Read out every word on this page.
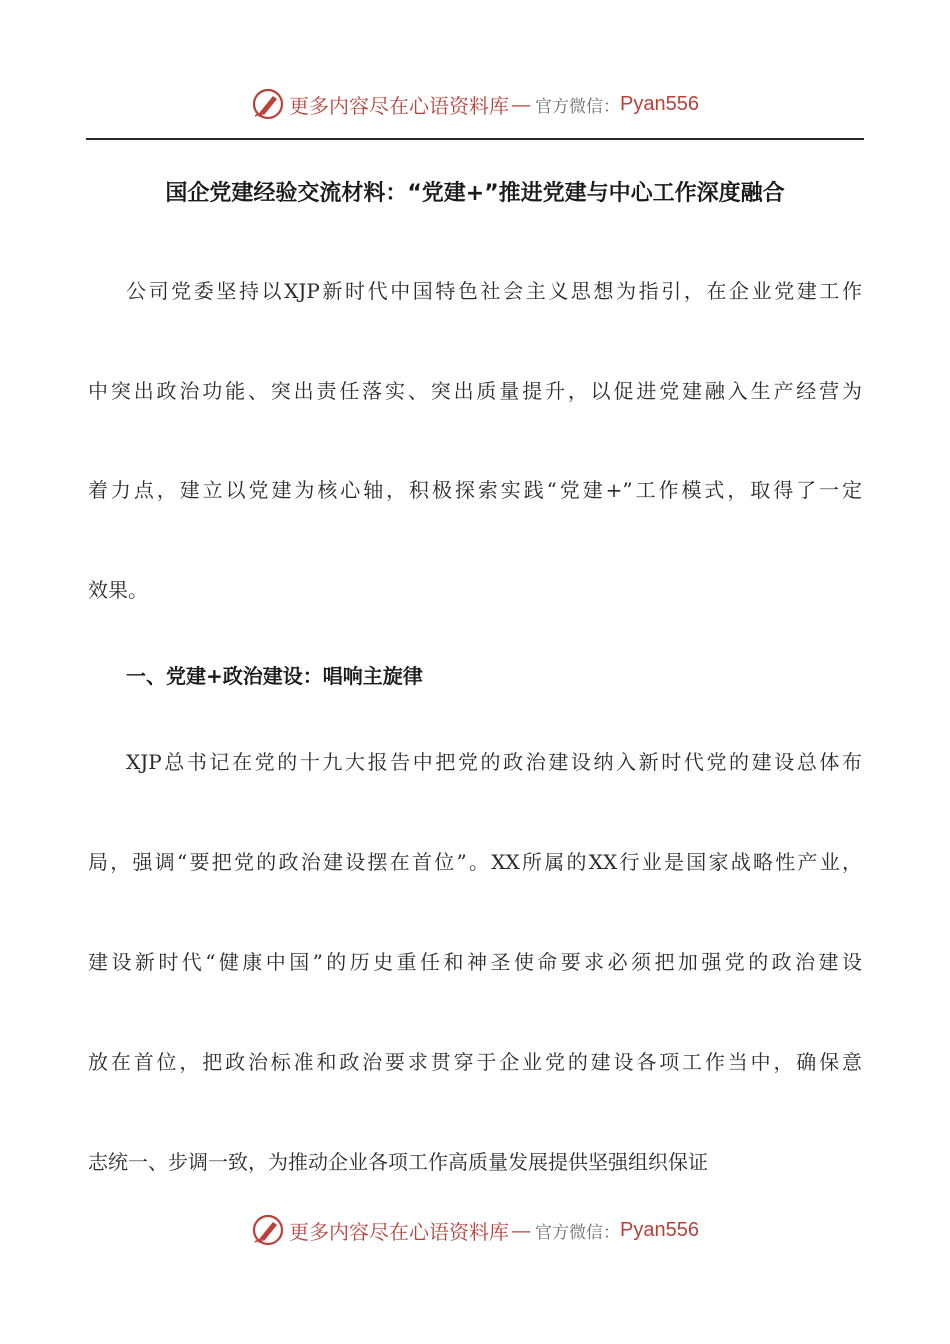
更多内容尽在心语资料库 — 官方微信： Pyan556
国企党建经验交流材料：“党建+”推进党建与中心工作深度融合
公司党委坚持以XJP新时代中国特色社会主义思想为指引，在企业党建工作
中突出政治功能、突出责任落实、突出质量提升，以促进党建融入生产经营为
着力点，建立以党建为核心轴，积极探索实践“党建+”工作模式，取得了一定
效果。
一、党建+政治建设：唱响主旋律
XJP总书记在党的十九大报告中把党的政治建设纳入新时代党的建设总体布
局，强调“要把党的政治建设摆在首位”。XX所属的XX行业是国家战略性产业，
建设新时代“健康中国”的历史重任和神圣使命要求必须把加强党的政治建设
放在首位，把政治标准和政治要求贯穿于企业党的建设各项工作当中，确保意
志统一、步调一致，为推动企业各项工作高质量发展提供坚强组织保证
更多内容尽在心语资料库 — 官方微信： Pyan556
